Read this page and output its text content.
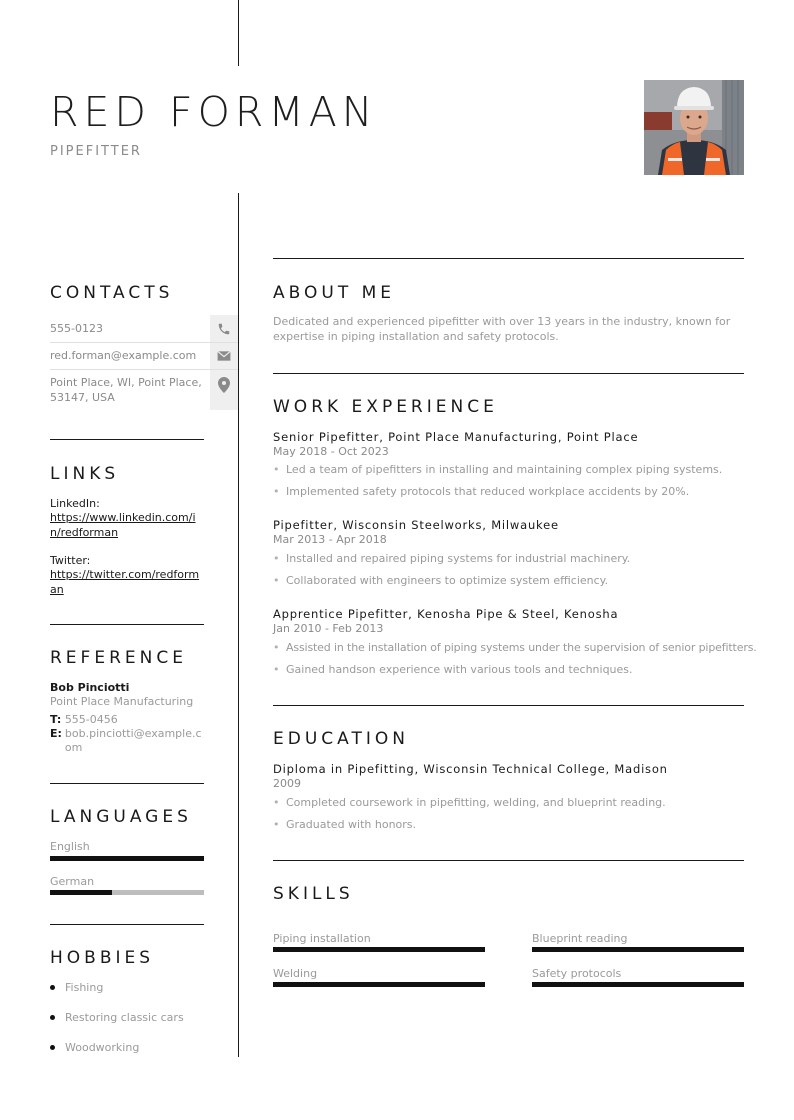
RED FORMAN
PIPEFITTER
CONTACTS
555-0123
red.forman@example.com
Point Place, WI, Point Place, 53147, USA
LINKS
LinkedIn:
https://www.linkedin.com/in/redforman
Twitter:
https://twitter.com/redforman
REFERENCE
Bob Pinciotti
Point Place Manufacturing
T: 555-0456
E: bob.pinciotti@example.com
LANGUAGES
English
German
HOBBIES
Fishing
Restoring classic cars
Woodworking
ABOUT ME
Dedicated and experienced pipefitter with over 13 years in the industry, known for expertise in piping installation and safety protocols.
WORK EXPERIENCE
Senior Pipefitter, Point Place Manufacturing, Point Place
May 2018 - Oct 2023
• Led a team of pipefitters in installing and maintaining complex piping systems.
• Implemented safety protocols that reduced workplace accidents by 20%.
Pipefitter, Wisconsin Steelworks, Milwaukee
Mar 2013 - Apr 2018
• Installed and repaired piping systems for industrial machinery.
• Collaborated with engineers to optimize system efficiency.
Apprentice Pipefitter, Kenosha Pipe & Steel, Kenosha
Jan 2010 - Feb 2013
• Assisted in the installation of piping systems under the supervision of senior pipefitters.
• Gained handson experience with various tools and techniques.
EDUCATION
Diploma in Pipefitting, Wisconsin Technical College, Madison
2009
• Completed coursework in pipefitting, welding, and blueprint reading.
• Graduated with honors.
SKILLS
Piping installation	Blueprint reading
Welding	Safety protocols
